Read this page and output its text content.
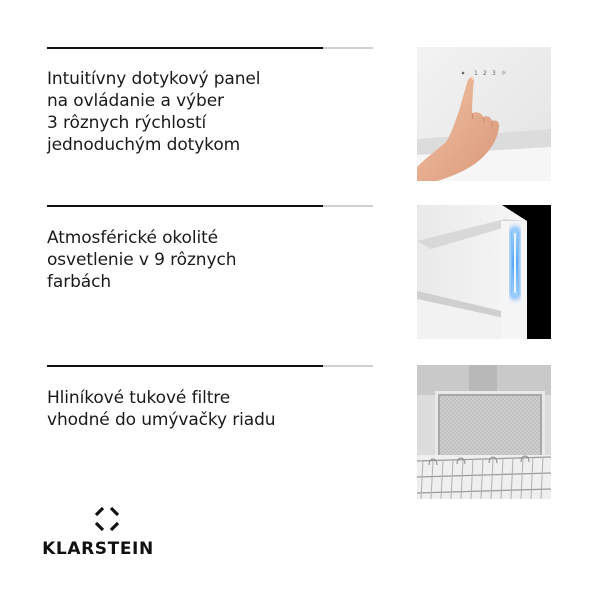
Intuitívny dotykový panel
na ovládanie a výber
3 rôznych rýchlostí
jednoduchým dotykom
1 2 3 ☼
Atmosférické okolité
osvetlenie v 9 rôznych
farbách
Hliníkové tukové filtre
vhodné do umývačky riadu
KLARSTEIN
